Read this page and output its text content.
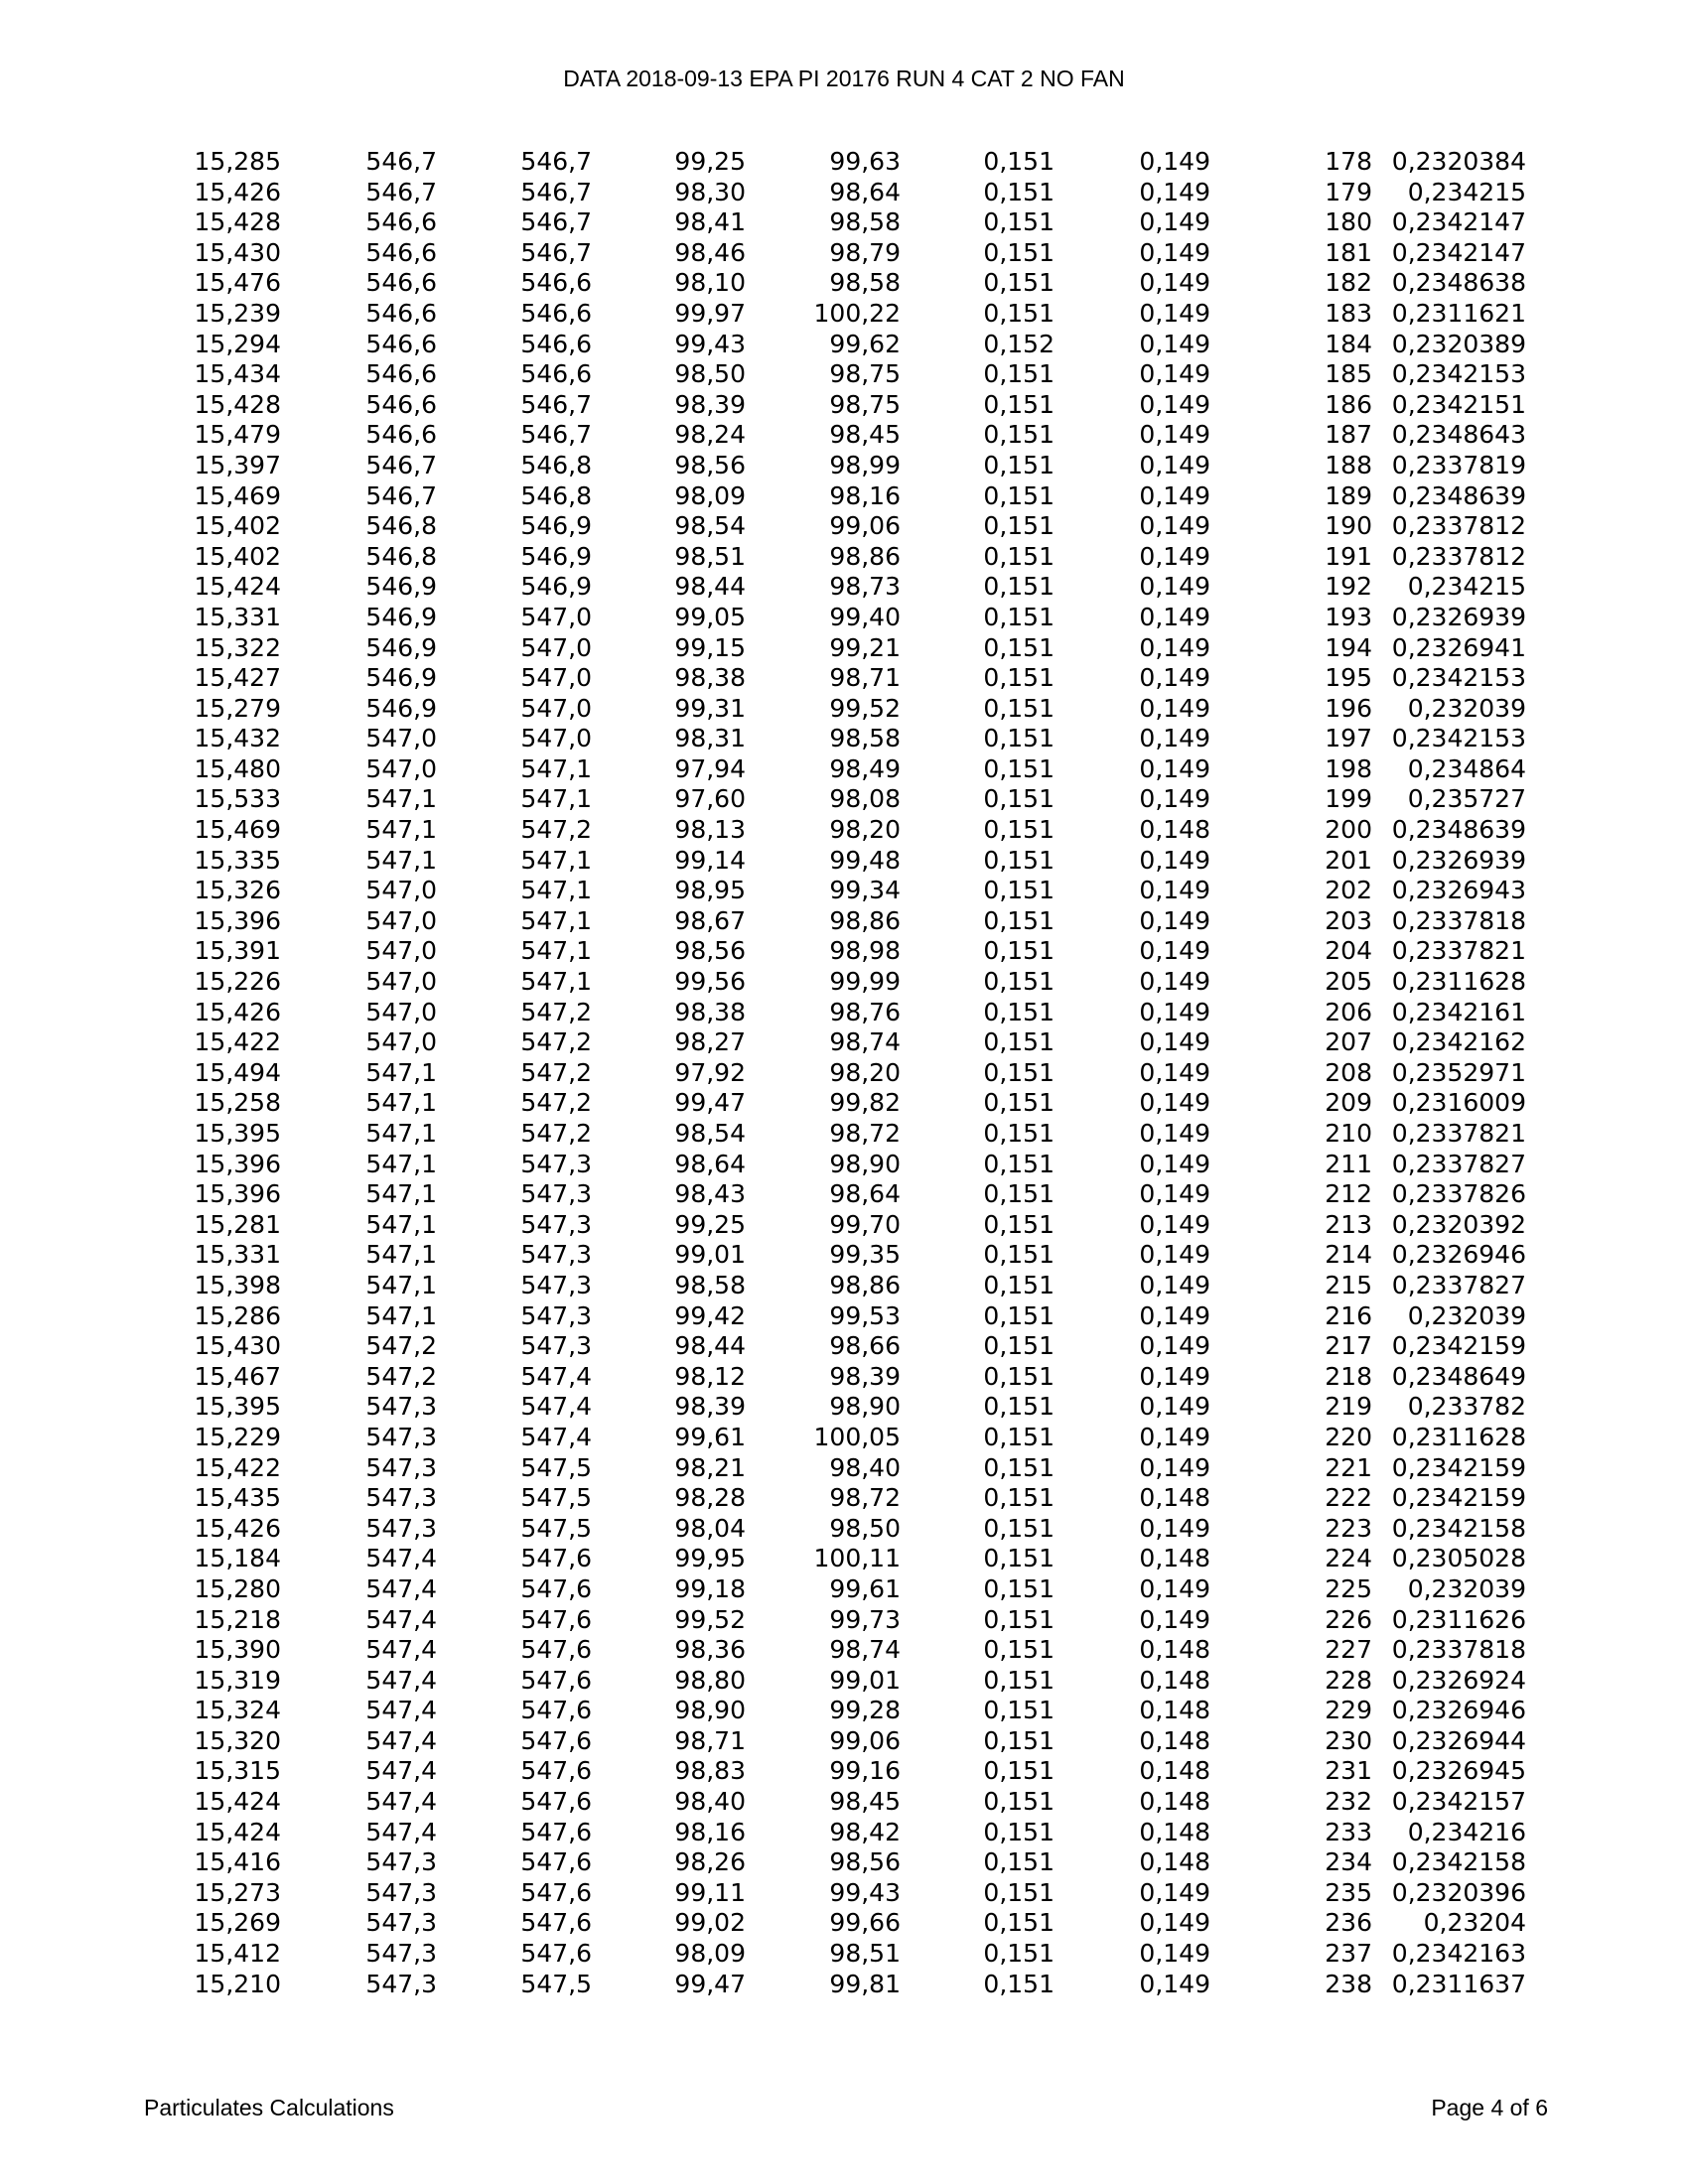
DATA 2018-09-13 EPA PI 20176 RUN 4 CAT 2 NO FAN
15,285	546,7	546,7	99,25	99,63	0,151	0,149	178	0,2320384
15,426	546,7	546,7	98,30	98,64	0,151	0,149	179	0,234215
15,428	546,6	546,7	98,41	98,58	0,151	0,149	180	0,2342147
15,430	546,6	546,7	98,46	98,79	0,151	0,149	181	0,2342147
15,476	546,6	546,6	98,10	98,58	0,151	0,149	182	0,2348638
15,239	546,6	546,6	99,97	100,22	0,151	0,149	183	0,2311621
15,294	546,6	546,6	99,43	99,62	0,152	0,149	184	0,2320389
15,434	546,6	546,6	98,50	98,75	0,151	0,149	185	0,2342153
15,428	546,6	546,7	98,39	98,75	0,151	0,149	186	0,2342151
15,479	546,6	546,7	98,24	98,45	0,151	0,149	187	0,2348643
15,397	546,7	546,8	98,56	98,99	0,151	0,149	188	0,2337819
15,469	546,7	546,8	98,09	98,16	0,151	0,149	189	0,2348639
15,402	546,8	546,9	98,54	99,06	0,151	0,149	190	0,2337812
15,402	546,8	546,9	98,51	98,86	0,151	0,149	191	0,2337812
15,424	546,9	546,9	98,44	98,73	0,151	0,149	192	0,234215
15,331	546,9	547,0	99,05	99,40	0,151	0,149	193	0,2326939
15,322	546,9	547,0	99,15	99,21	0,151	0,149	194	0,2326941
15,427	546,9	547,0	98,38	98,71	0,151	0,149	195	0,2342153
15,279	546,9	547,0	99,31	99,52	0,151	0,149	196	0,232039
15,432	547,0	547,0	98,31	98,58	0,151	0,149	197	0,2342153
15,480	547,0	547,1	97,94	98,49	0,151	0,149	198	0,234864
15,533	547,1	547,1	97,60	98,08	0,151	0,149	199	0,235727
15,469	547,1	547,2	98,13	98,20	0,151	0,148	200	0,2348639
15,335	547,1	547,1	99,14	99,48	0,151	0,149	201	0,2326939
15,326	547,0	547,1	98,95	99,34	0,151	0,149	202	0,2326943
15,396	547,0	547,1	98,67	98,86	0,151	0,149	203	0,2337818
15,391	547,0	547,1	98,56	98,98	0,151	0,149	204	0,2337821
15,226	547,0	547,1	99,56	99,99	0,151	0,149	205	0,2311628
15,426	547,0	547,2	98,38	98,76	0,151	0,149	206	0,2342161
15,422	547,0	547,2	98,27	98,74	0,151	0,149	207	0,2342162
15,494	547,1	547,2	97,92	98,20	0,151	0,149	208	0,2352971
15,258	547,1	547,2	99,47	99,82	0,151	0,149	209	0,2316009
15,395	547,1	547,2	98,54	98,72	0,151	0,149	210	0,2337821
15,396	547,1	547,3	98,64	98,90	0,151	0,149	211	0,2337827
15,396	547,1	547,3	98,43	98,64	0,151	0,149	212	0,2337826
15,281	547,1	547,3	99,25	99,70	0,151	0,149	213	0,2320392
15,331	547,1	547,3	99,01	99,35	0,151	0,149	214	0,2326946
15,398	547,1	547,3	98,58	98,86	0,151	0,149	215	0,2337827
15,286	547,1	547,3	99,42	99,53	0,151	0,149	216	0,232039
15,430	547,2	547,3	98,44	98,66	0,151	0,149	217	0,2342159
15,467	547,2	547,4	98,12	98,39	0,151	0,149	218	0,2348649
15,395	547,3	547,4	98,39	98,90	0,151	0,149	219	0,233782
15,229	547,3	547,4	99,61	100,05	0,151	0,149	220	0,2311628
15,422	547,3	547,5	98,21	98,40	0,151	0,149	221	0,2342159
15,435	547,3	547,5	98,28	98,72	0,151	0,148	222	0,2342159
15,426	547,3	547,5	98,04	98,50	0,151	0,149	223	0,2342158
15,184	547,4	547,6	99,95	100,11	0,151	0,148	224	0,2305028
15,280	547,4	547,6	99,18	99,61	0,151	0,149	225	0,232039
15,218	547,4	547,6	99,52	99,73	0,151	0,149	226	0,2311626
15,390	547,4	547,6	98,36	98,74	0,151	0,148	227	0,2337818
15,319	547,4	547,6	98,80	99,01	0,151	0,148	228	0,2326924
15,324	547,4	547,6	98,90	99,28	0,151	0,148	229	0,2326946
15,320	547,4	547,6	98,71	99,06	0,151	0,148	230	0,2326944
15,315	547,4	547,6	98,83	99,16	0,151	0,148	231	0,2326945
15,424	547,4	547,6	98,40	98,45	0,151	0,148	232	0,2342157
15,424	547,4	547,6	98,16	98,42	0,151	0,148	233	0,234216
15,416	547,3	547,6	98,26	98,56	0,151	0,148	234	0,2342158
15,273	547,3	547,6	99,11	99,43	0,151	0,149	235	0,2320396
15,269	547,3	547,6	99,02	99,66	0,151	0,149	236	0,23204
15,412	547,3	547,6	98,09	98,51	0,151	0,149	237	0,2342163
15,210	547,3	547,5	99,47	99,81	0,151	0,149	238	0,2311637
Particulates Calculations	Page 4 of 6
